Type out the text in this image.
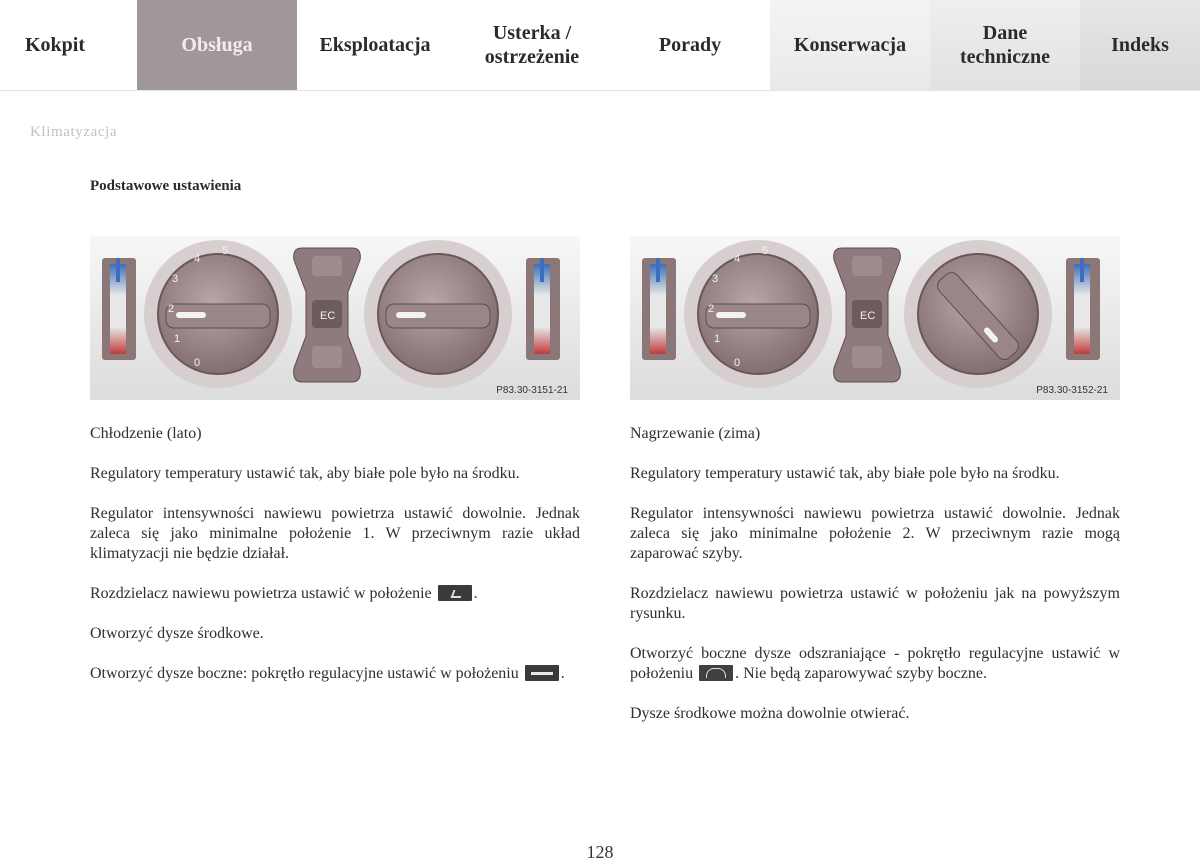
Kokpit	Obsługa	Eksploatacja
Usterka /
ostrzeżenie
Porady	Konserwacja
Dane
techniczne
Indeks
Klimatyzacja
Podstawowe ustawienia
0
1
2
3
4
5
EC
P83.30-3151-21
0
1
2
3
4
5
EC
P83.30-3152-21

Chłodzenie (lato)

Regulatory temperatury ustawić tak, aby białe pole było na środku.

Regulator intensywności nawiewu powietrza ustawić dowolnie. Jednak zaleca się jako minimalne położenie 1. W przeciwnym razie układ klimatyzacji nie będzie działał.

Rozdzielacz nawiewu powietrza ustawić w położenie	.

Otworzyć dysze środkowe.

Otworzyć dysze boczne: pokrętło regulacyjne ustawić w położeniu	.

Nagrzewanie (zima)

Regulatory temperatury ustawić tak, aby białe pole było na środku.

Regulator intensywności nawiewu powietrza ustawić dowolnie. Jednak zaleca się jako minimalne położenie 2. W przeciwnym razie mogą zaparować szyby.

Rozdzielacz nawiewu powietrza ustawić w położeniu jak na powyższym rysunku.

Otworzyć boczne dysze odszraniające - pokrętło regulacyjne ustawić w położeniu	. Nie będą zaparowywać szyby boczne.

Dysze środkowe można dowolnie otwierać.

128
